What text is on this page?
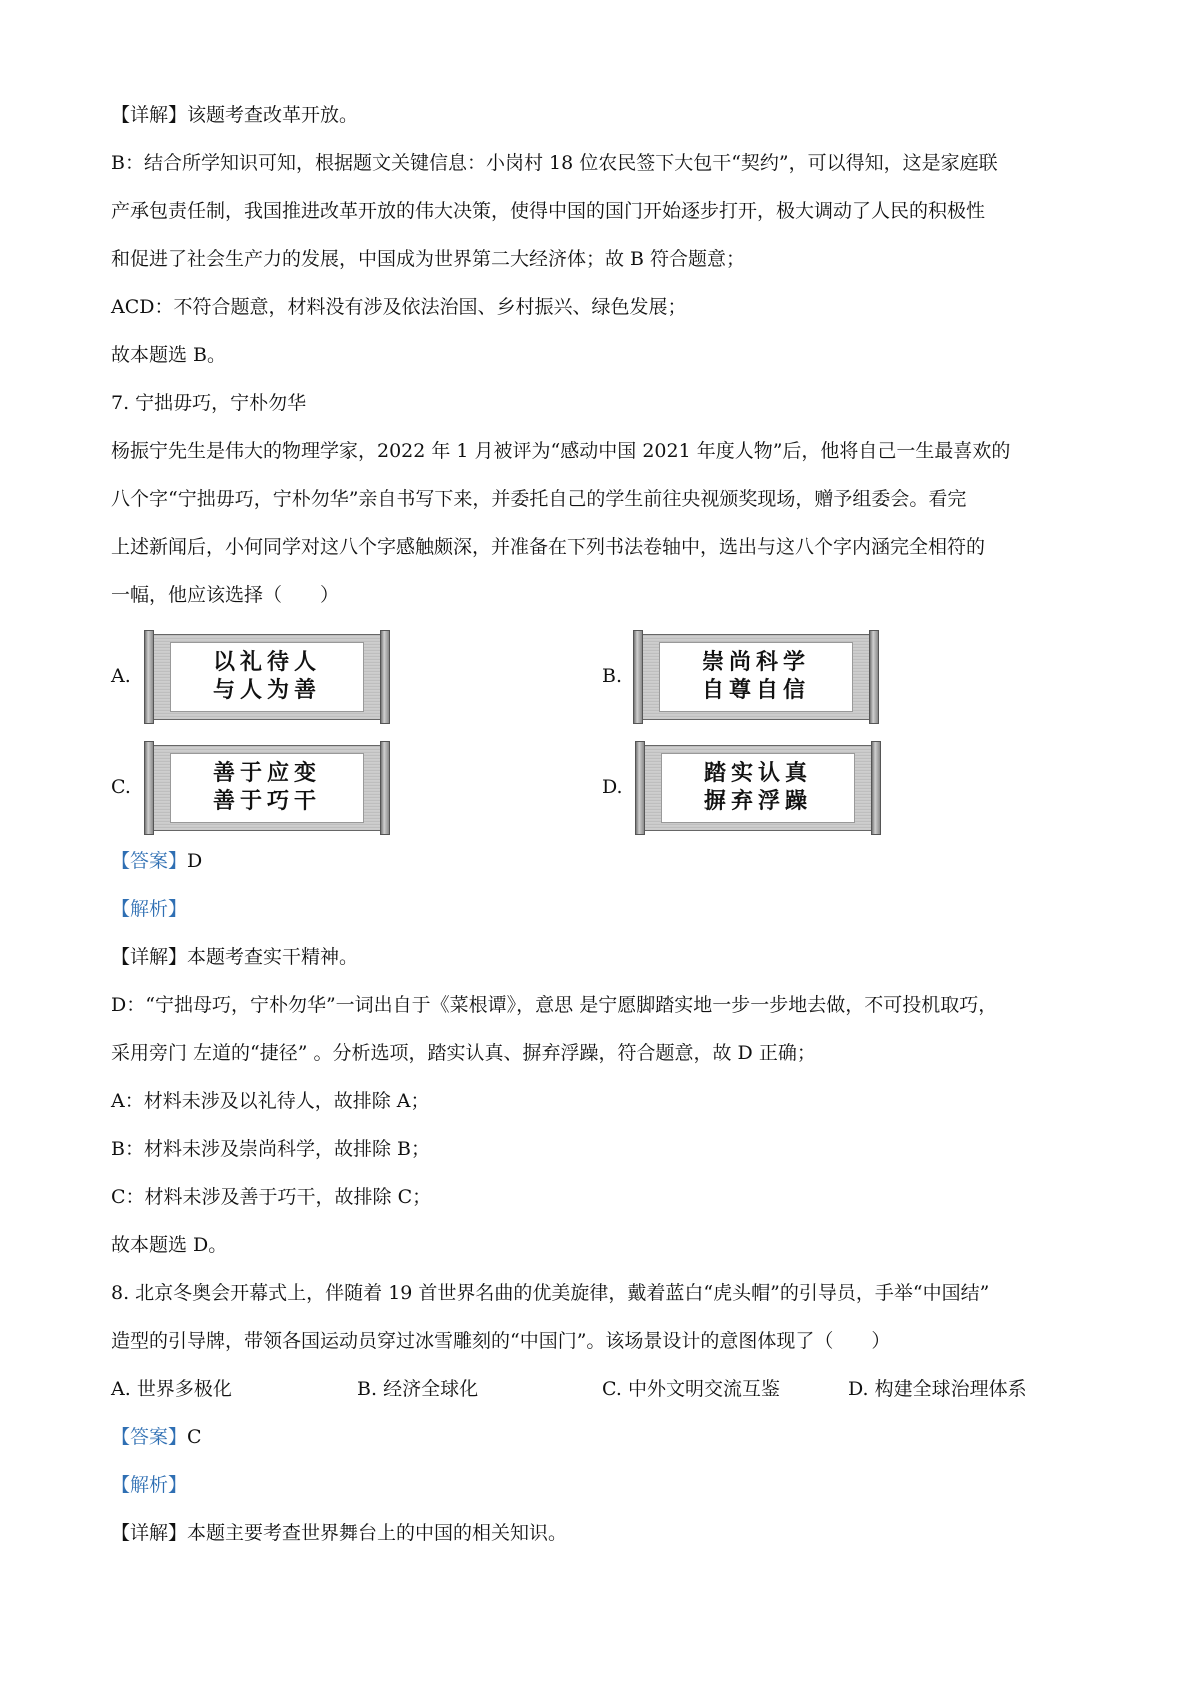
【详解】该题考查改革开放。
B：结合所学知识可知，根据题文关键信息：小岗村 18 位农民签下大包干“契约”，可以得知，这是家庭联
产承包责任制，我国推进改革开放的伟大决策，使得中国的国门开始逐步打开，极大调动了人民的积极性
和促进了社会生产力的发展，中国成为世界第二大经济体；故 B 符合题意；
ACD：不符合题意，材料没有涉及依法治国、乡村振兴、绿色发展；
故本题选 B。
7. 宁拙毋巧，宁朴勿华
杨振宁先生是伟大的物理学家，2022 年 1 月被评为“感动中国 2021 年度人物”后，他将自己一生最喜欢的
八个字“宁拙毋巧，宁朴勿华”亲自书写下来，并委托自己的学生前往央视颁奖现场，赠予组委会。看完
上述新闻后，小何同学对这八个字感触颇深，并准备在下列书法卷轴中，选出与这八个字内涵完全相符的
一幅，他应该选择（　　）
A.
以礼待人
与人为善
B.
崇尚科学
自尊自信
C.
善于应变
善于巧干
D.
踏实认真
摒弃浮躁
【答案】D
【解析】
【详解】本题考查实干精神。
D：“宁拙母巧，宁朴勿华”一词出自于《菜根谭》，意思 是宁愿脚踏实地一步一步地去做，不可投机取巧，
采用旁门 左道的“捷径” 。分析选项，踏实认真、摒弃浮躁，符合题意，故 D 正确；
A：材料未涉及以礼待人，故排除 A；
B：材料未涉及崇尚科学，故排除 B；
C：材料未涉及善于巧干，故排除 C；
故本题选 D。
8. 北京冬奥会开幕式上，伴随着 19 首世界名曲的优美旋律，戴着蓝白“虎头帽”的引导员，手举“中国结”
造型的引导牌，带领各国运动员穿过冰雪雕刻的“中国门”。该场景设计的意图体现了（　　）
A. 世界多极化	B. 经济全球化	C. 中外文明交流互鉴	D. 构建全球治理体系
【答案】C
【解析】
【详解】本题主要考查世界舞台上的中国的相关知识。
